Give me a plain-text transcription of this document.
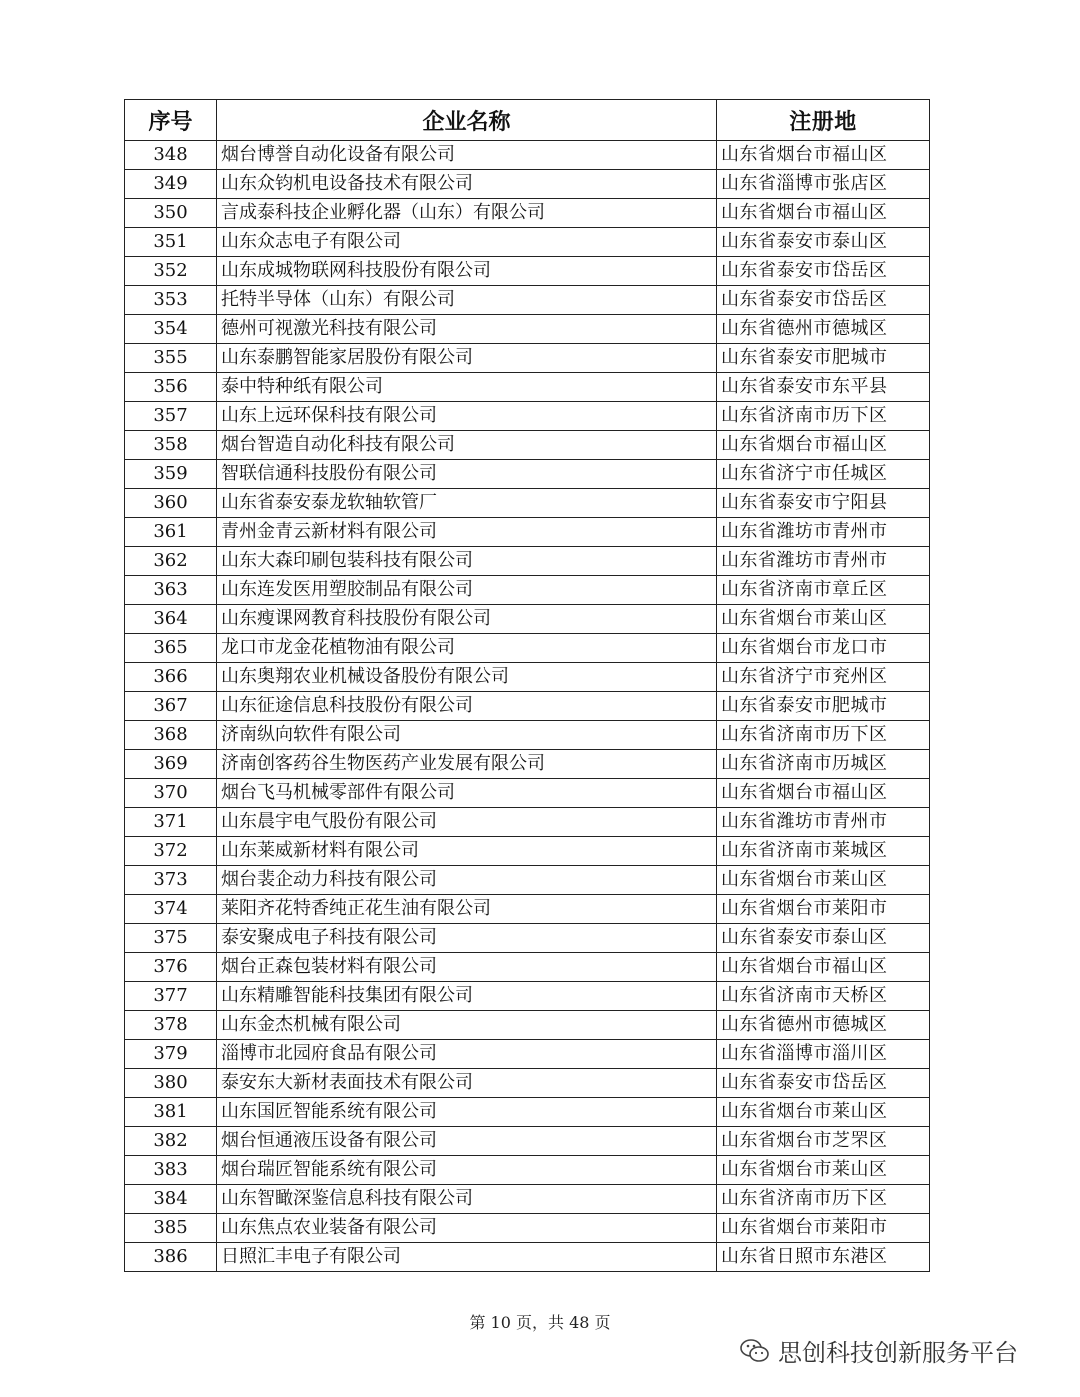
序号	企业名称	注册地
348	烟台博誉自动化设备有限公司	山东省烟台市福山区
349	山东众钧机电设备技术有限公司	山东省淄博市张店区
350	言成泰科技企业孵化器（山东）有限公司	山东省烟台市福山区
351	山东众志电子有限公司	山东省泰安市泰山区
352	山东成城物联网科技股份有限公司	山东省泰安市岱岳区
353	托特半导体（山东）有限公司	山东省泰安市岱岳区
354	德州可视激光科技有限公司	山东省德州市德城区
355	山东泰鹏智能家居股份有限公司	山东省泰安市肥城市
356	泰中特种纸有限公司	山东省泰安市东平县
357	山东上远环保科技有限公司	山东省济南市历下区
358	烟台智造自动化科技有限公司	山东省烟台市福山区
359	智联信通科技股份有限公司	山东省济宁市任城区
360	山东省泰安泰龙软轴软管厂	山东省泰安市宁阳县
361	青州金青云新材料有限公司	山东省潍坊市青州市
362	山东大森印刷包装科技有限公司	山东省潍坊市青州市
363	山东连发医用塑胶制品有限公司	山东省济南市章丘区
364	山东瘦课网教育科技股份有限公司	山东省烟台市莱山区
365	龙口市龙金花植物油有限公司	山东省烟台市龙口市
366	山东奥翔农业机械设备股份有限公司	山东省济宁市兖州区
367	山东征途信息科技股份有限公司	山东省泰安市肥城市
368	济南纵向软件有限公司	山东省济南市历下区
369	济南创客药谷生物医药产业发展有限公司	山东省济南市历城区
370	烟台飞马机械零部件有限公司	山东省烟台市福山区
371	山东晨宇电气股份有限公司	山东省潍坊市青州市
372	山东莱威新材料有限公司	山东省济南市莱城区
373	烟台裴企动力科技有限公司	山东省烟台市莱山区
374	莱阳齐花特香纯正花生油有限公司	山东省烟台市莱阳市
375	泰安聚成电子科技有限公司	山东省泰安市泰山区
376	烟台正森包装材料有限公司	山东省烟台市福山区
377	山东精雕智能科技集团有限公司	山东省济南市天桥区
378	山东金杰机械有限公司	山东省德州市德城区
379	淄博市北园府食品有限公司	山东省淄博市淄川区
380	泰安东大新材表面技术有限公司	山东省泰安市岱岳区
381	山东国匠智能系统有限公司	山东省烟台市莱山区
382	烟台恒通液压设备有限公司	山东省烟台市芝罘区
383	烟台瑞匠智能系统有限公司	山东省烟台市莱山区
384	山东智瞰深鉴信息科技有限公司	山东省济南市历下区
385	山东焦点农业装备有限公司	山东省烟台市莱阳市
386	日照汇丰电子有限公司	山东省日照市东港区
第 10 页，共 48 页
思创科技创新服务平台
